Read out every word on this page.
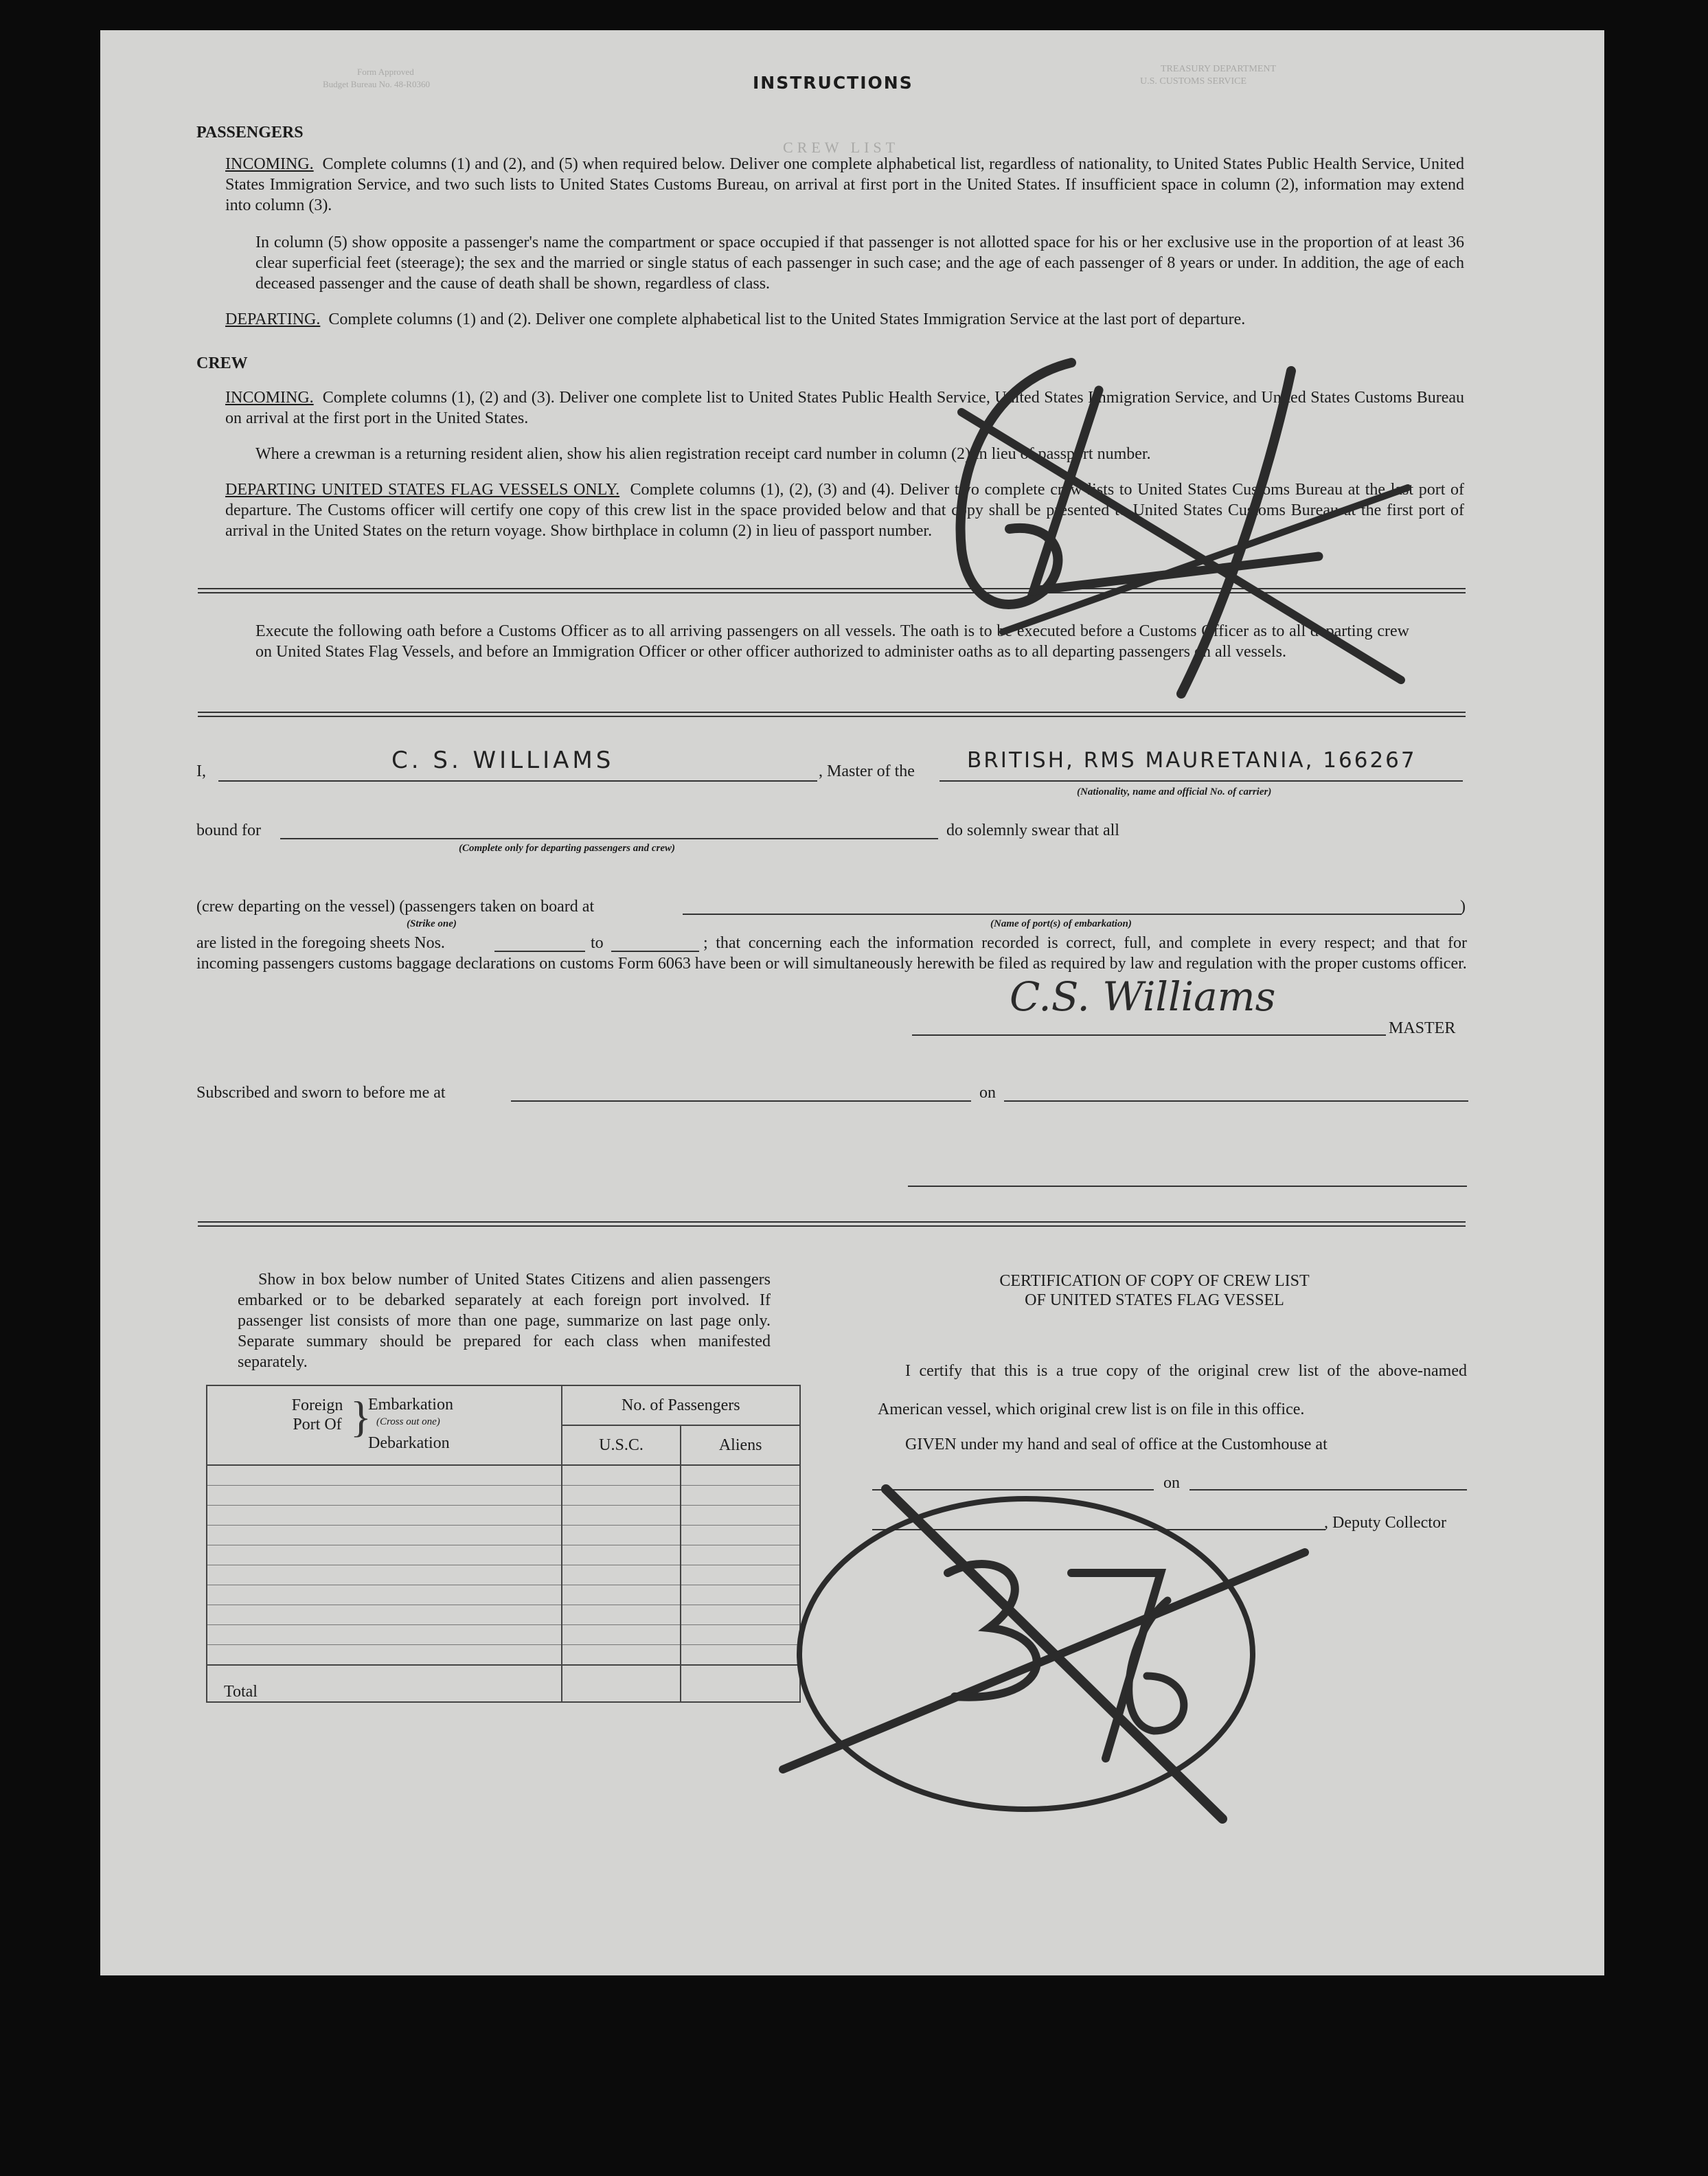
INSTRUCTIONS
Form Approved
Budget Bureau No. 48-R0360
TREASURY DEPARTMENT
U.S. CUSTOMS SERVICE
CREW LIST
PASSENGERS
INCOMING. Complete columns (1) and (2), and (5) when required below. Deliver one complete alphabetical list, regardless of nationality, to United States Public Health Service, United States Immigration Service, and two such lists to United States Customs Bureau, on arrival at first port in the United States. If insufficient space in column (2), information may extend into column (3).
In column (5) show opposite a passenger's name the compartment or space occupied if that passenger is not allotted space for his or her exclusive use in the proportion of at least 36 clear superficial feet (steerage); the sex and the married or single status of each passenger in such case; and the age of each passenger of 8 years or under. In addition, the age of each deceased passenger and the cause of death shall be shown, regardless of class.
DEPARTING. Complete columns (1) and (2). Deliver one complete alphabetical list to the United States Immigration Service at the last port of departure.
CREW
INCOMING. Complete columns (1), (2) and (3). Deliver one complete list to United States Public Health Service, United States Immigration Service, and United States Customs Bureau on arrival at the first port in the United States.
Where a crewman is a returning resident alien, show his alien registration receipt card number in column (2) in lieu of passport number.
DEPARTING UNITED STATES FLAG VESSELS ONLY. Complete columns (1), (2), (3) and (4). Deliver two complete crew lists to United States Customs Bureau at the last port of departure. The Customs officer will certify one copy of this crew list in the space provided below and that copy shall be presented to United States Customs Bureau at the first port of arrival in the United States on the return voyage. Show birthplace in column (2) in lieu of passport number.
Execute the following oath before a Customs Officer as to all arriving passengers on all vessels. The oath is to be executed before a Customs Officer as to all departing crew on United States Flag Vessels, and before an Immigration Officer or other officer authorized to administer oaths as to all departing passengers on all vessels.
I,	C. S. WILLIAMS	, Master of the BRITISH, RMS MAURETANIA, 166267
(Nationality, name and official No. of carrier)
bound for
(Complete only for departing passengers and crew)
do solemnly swear that all
(crew departing on the vessel) (passengers taken on board at
(Strike one)	(Name of port(s) of embarkation)
)
are listed in the foregoing sheets Nos.	to	; that concerning each the information recorded is correct, full, and complete in every respect; and that for incoming passengers customs baggage declarations on customs Form 6063 have been or will simultaneously herewith be filed as required by law and regulation with the proper customs officer.
C.S. Williams
MASTER
Subscribed and sworn to before me at	on
Show in box below number of United States Citizens and alien passengers embarked or to be debarked separately at each foreign port involved. If passenger list consists of more than one page, summarize on last page only. Separate summary should be prepared for each class when manifested separately.
Foreign Port Of }
Embarkation
(Cross out one)
Debarkation	No. of Passengers	
	U.S.C.	Aliens

Total		
CERTIFICATION OF COPY OF CREW LIST
OF UNITED STATES FLAG VESSEL
I certify that this is a true copy of the original crew list of the above-named American vessel, which original crew list is on file in this office.
GIVEN under my hand and seal of office at the Customhouse at
on
, Deputy Collector
